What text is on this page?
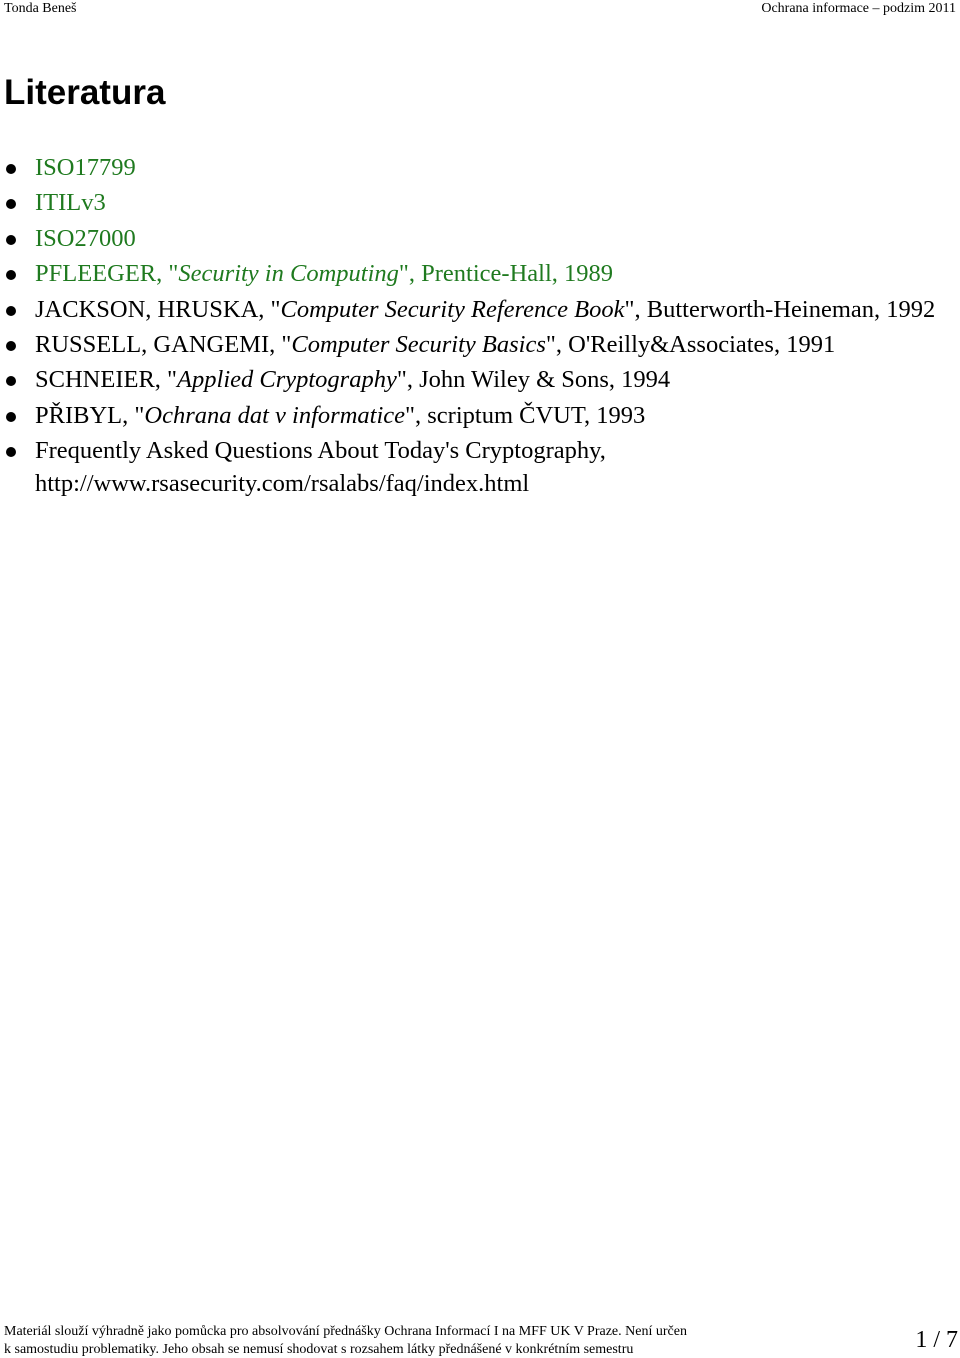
Tonda Beneš	Ochrana informace – podzim 2011
Literatura
ISO17799
ITILv3
ISO27000
PFLEEGER, "Security in Computing", Prentice-Hall, 1989
JACKSON, HRUSKA, "Computer Security Reference Book", Butterworth-Heineman, 1992
RUSSELL, GANGEMI, "Computer Security Basics", O'Reilly&Associates, 1991
SCHNEIER, "Applied Cryptography", John Wiley & Sons, 1994
PŘIBYL, "Ochrana dat v informatice", scriptum ČVUT, 1993
Frequently Asked Questions About Today's Cryptography, http://www.rsasecurity.com/rsalabs/faq/index.html
Materiál slouží výhradně jako pomůcka pro absolvování přednášky Ochrana Informací I na MFF UK V Praze. Není určen
k samostudiu problematiky. Jeho obsah se nemusí shodovat s rozsahem látky přednášené v konkrétním semestru	1 / 7
